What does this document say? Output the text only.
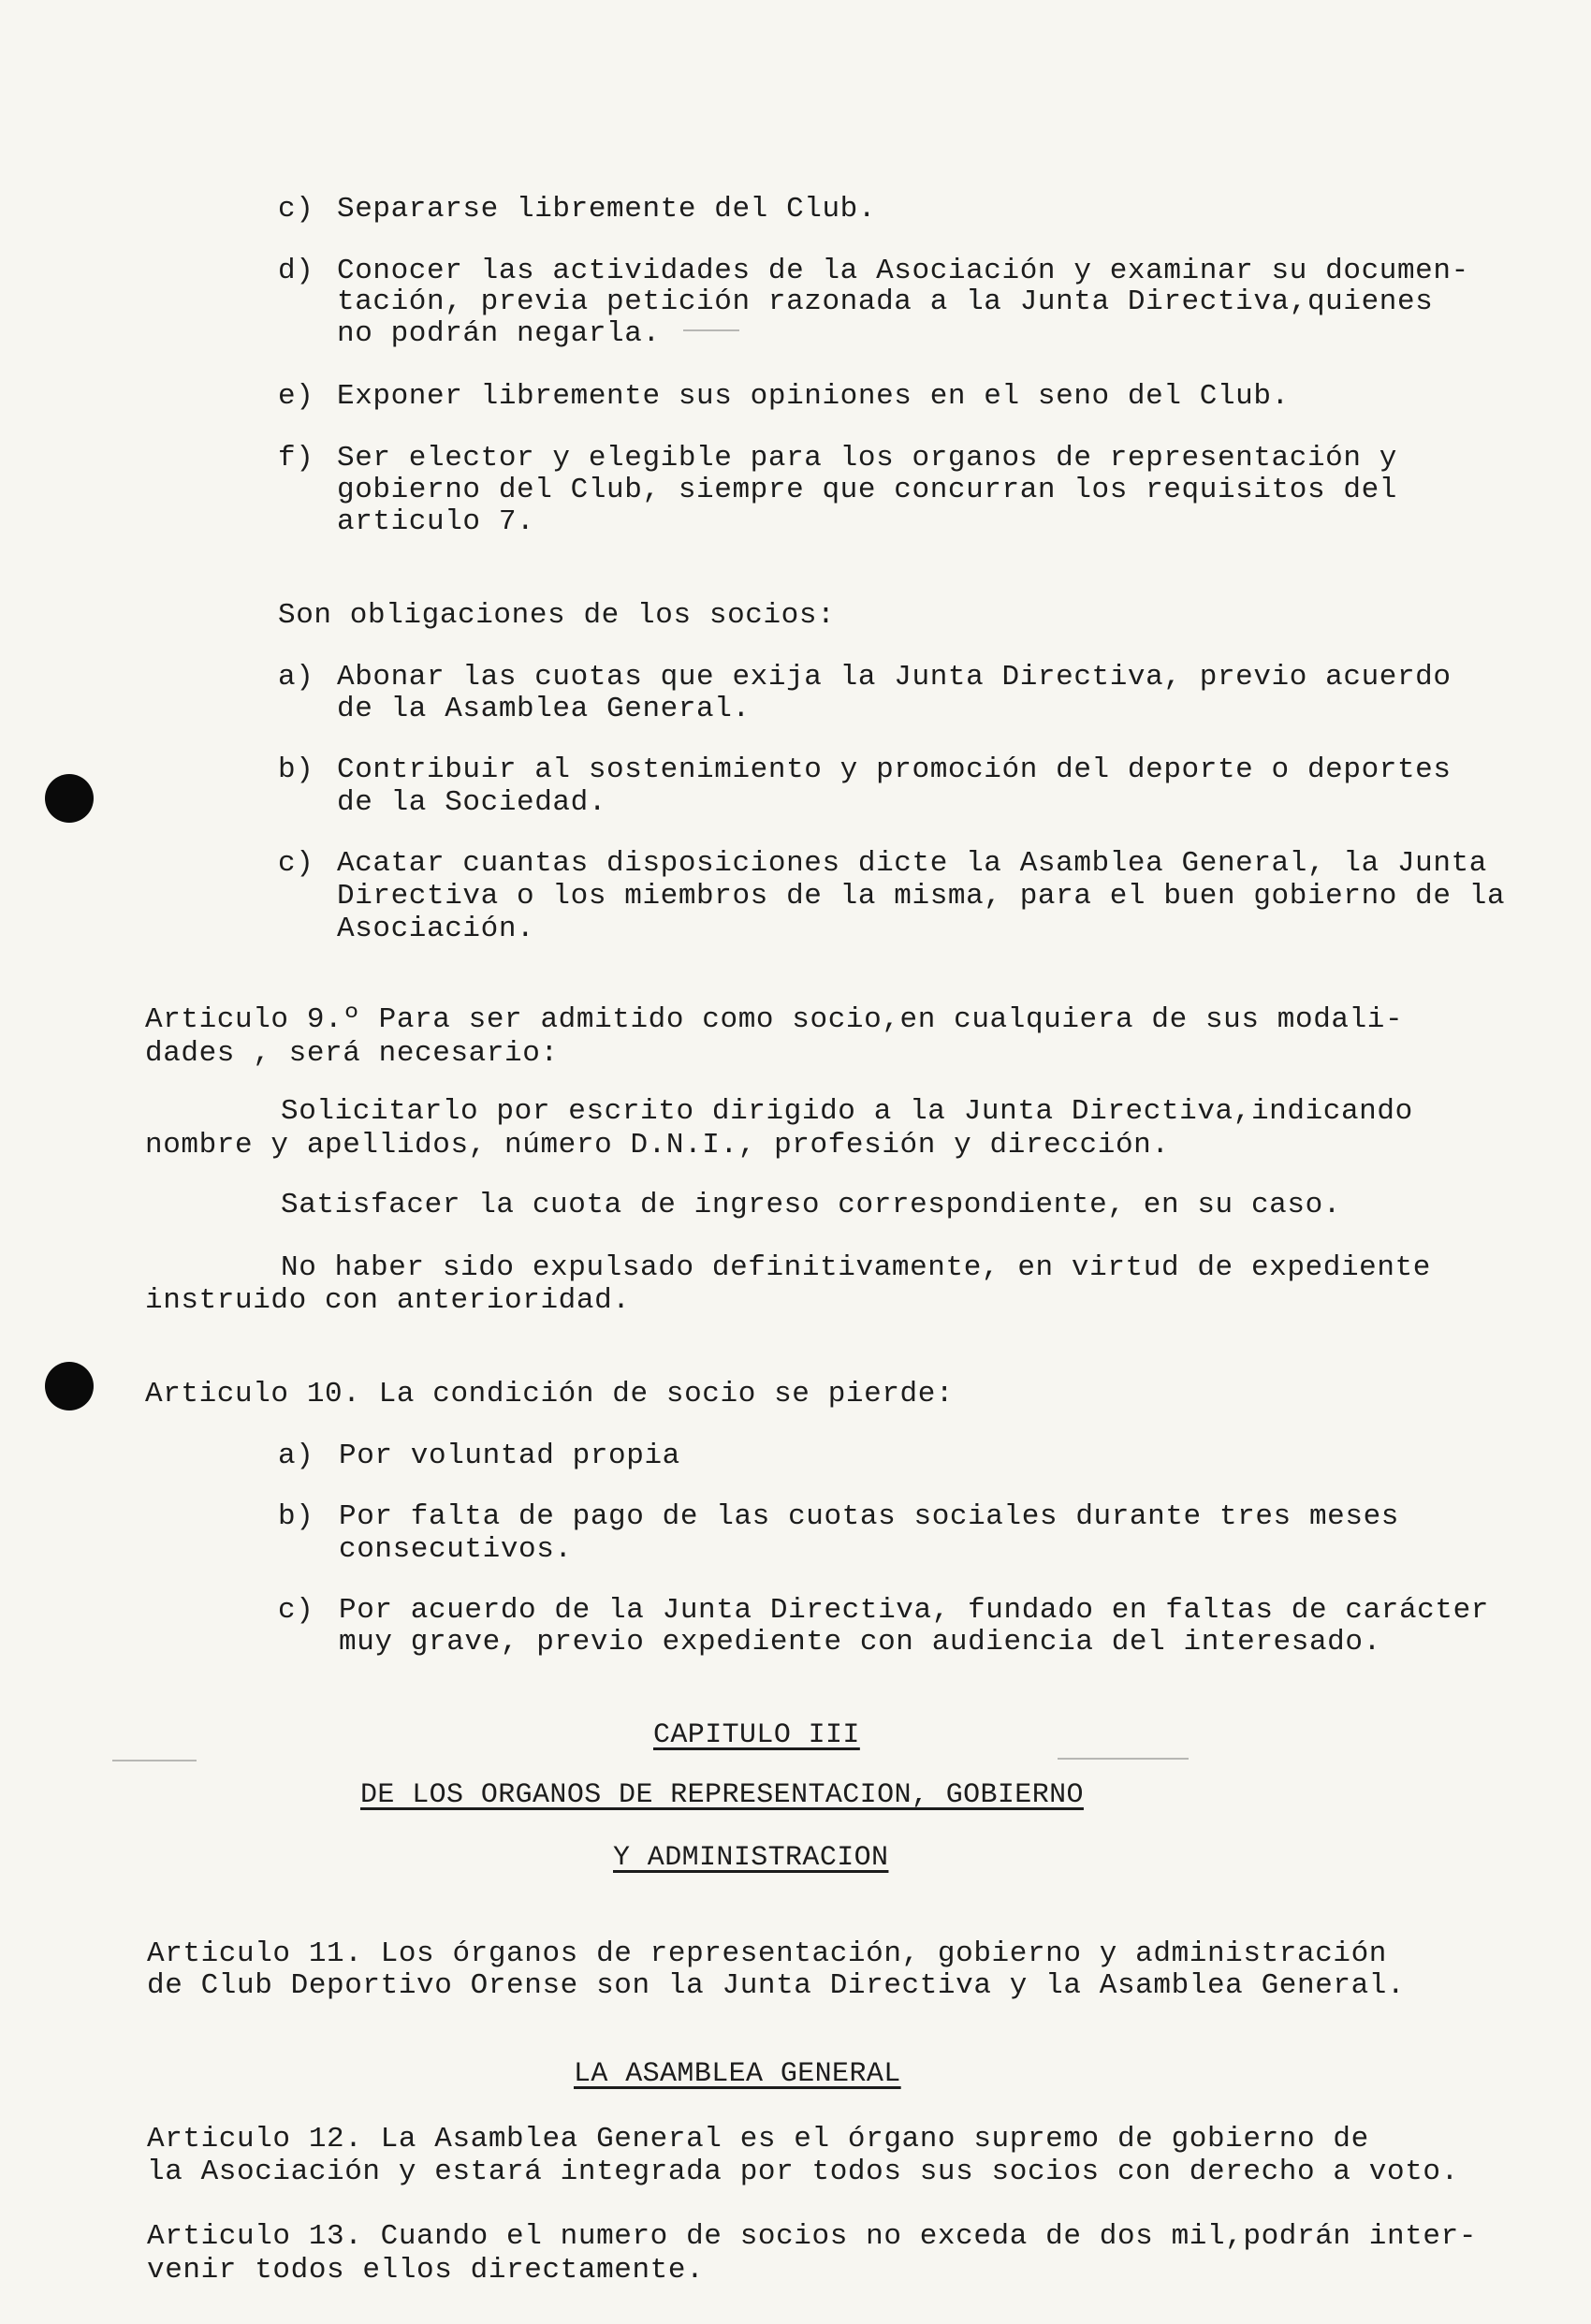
c) Separarse libremente del Club.
d) Conocer las actividades de la Asociación y examinar su documen-
tación, previa petición razonada a la Junta Directiva,quienes
no podrán negarla.
e) Exponer libremente sus opiniones en el seno del Club.
f) Ser elector y elegible para los organos de representación y
gobierno del Club, siempre que concurran los requisitos del
articulo 7.
Son obligaciones de los socios:
a) Abonar las cuotas que exija la Junta Directiva, previo acuerdo
de la Asamblea General.
b) Contribuir al sostenimiento y promoción del deporte o deportes
de la Sociedad.
c) Acatar cuantas disposiciones dicte la Asamblea General, la Junta
Directiva o los miembros de la misma, para el buen gobierno de la
Asociación.
Articulo 9.º Para ser admitido como socio,en cualquiera de sus modali-
dades , será necesario:
Solicitarlo por escrito dirigido a la Junta Directiva,indicando
nombre y apellidos, número D.N.I., profesión y dirección.
Satisfacer la cuota de ingreso correspondiente, en su caso.
No haber sido expulsado definitivamente, en virtud de expediente
instruido con anterioridad.
Articulo 10. La condición de socio se pierde:
a) Por voluntad propia
b) Por falta de pago de las cuotas sociales durante tres meses
consecutivos.
c) Por acuerdo de la Junta Directiva, fundado en faltas de carácter
muy grave, previo expediente con audiencia del interesado.
CAPITULO III
DE LOS ORGANOS DE REPRESENTACION, GOBIERNO
Y ADMINISTRACION
Articulo 11. Los órganos de representación, gobierno y administración
de Club Deportivo Orense son la Junta Directiva y la Asamblea General.
LA ASAMBLEA GENERAL
Articulo 12. La Asamblea General es el órgano supremo de gobierno de
la Asociación y estará integrada por todos sus socios con derecho a voto.
Articulo 13. Cuando el numero de socios no exceda de dos mil,podrán inter-
venir todos ellos directamente.
